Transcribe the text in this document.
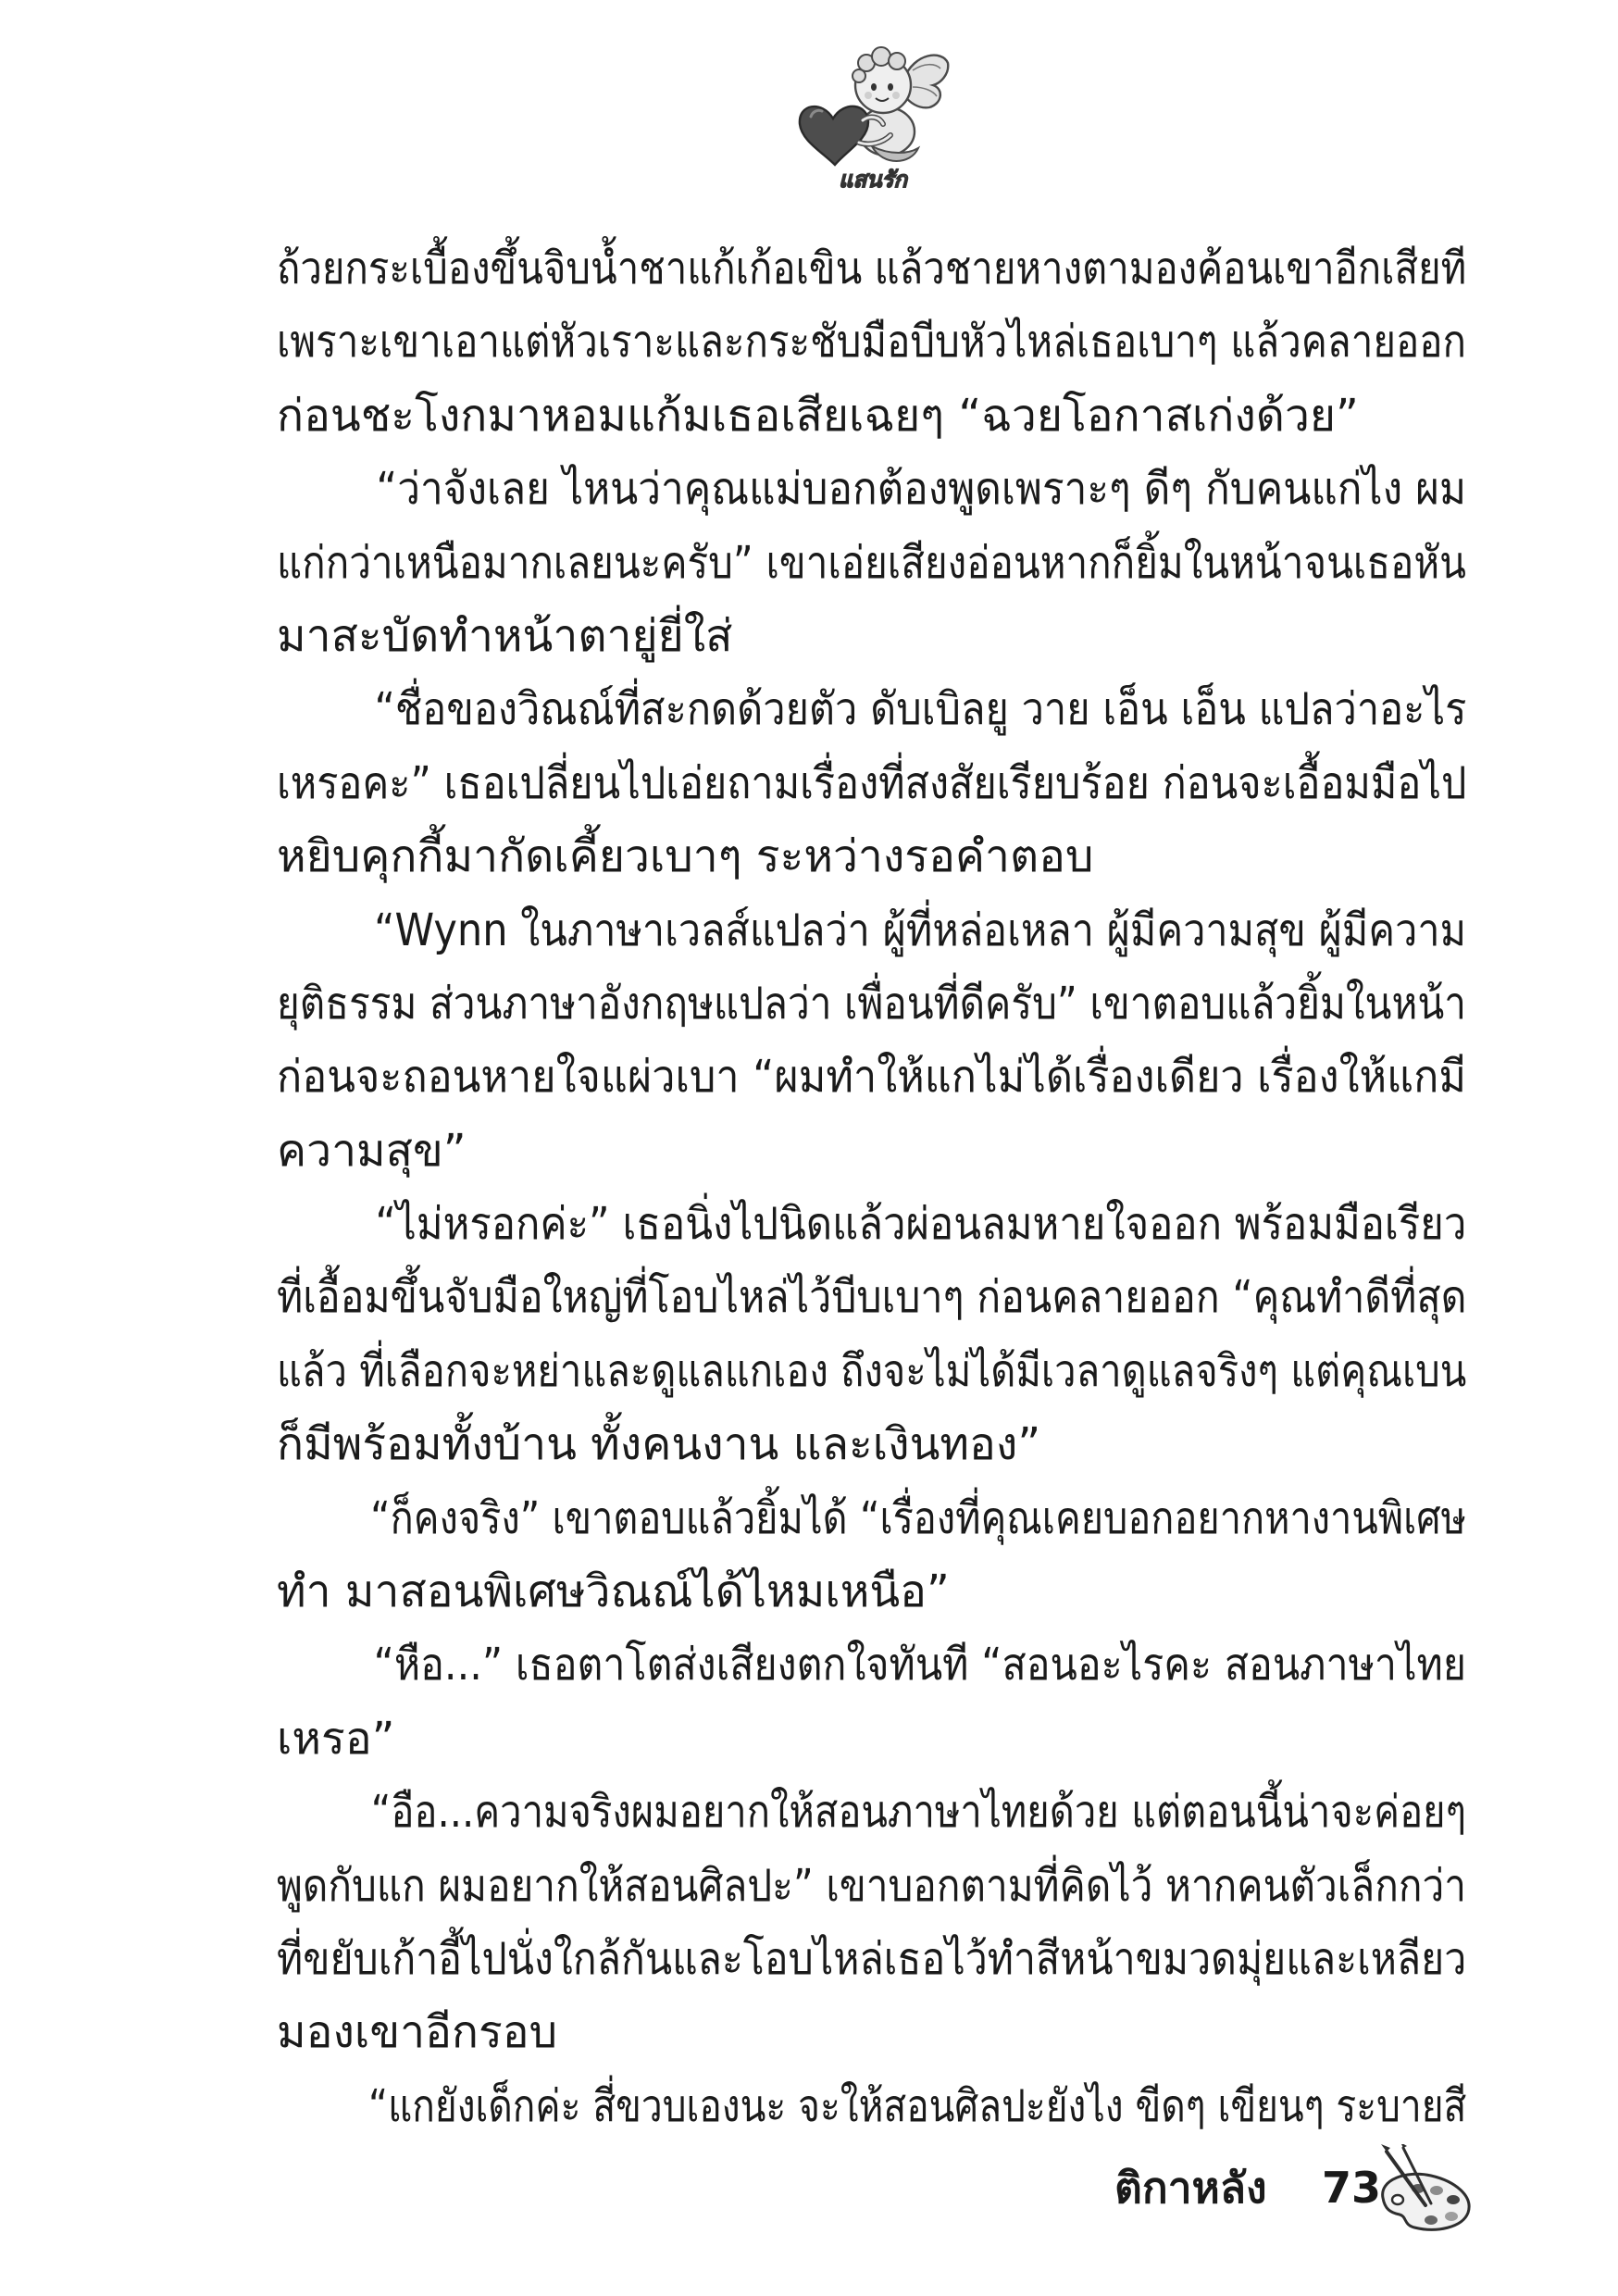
แสนรัก
ถ้วยกระเบื้องขึ้นจิบน้ำชาแก้เก้อเขิน แล้วชายหางตามองค้อนเขาอีกเสียที
เพราะเขาเอาแต่หัวเราะและกระชับมือบีบหัวไหล่เธอเบาๆ แล้วคลายออก
ก่อนชะโงกมาหอมแก้มเธอเสียเฉยๆ “ฉวยโอกาสเก่งด้วย”
“ว่าจังเลย ไหนว่าคุณแม่บอกต้องพูดเพราะๆ ดีๆ กับคนแก่ไง ผม
แก่กว่าเหนือมากเลยนะครับ” เขาเอ่ยเสียงอ่อนหากก็ยิ้มในหน้าจนเธอหัน
มาสะบัดทำหน้าตายู่ยี่ใส่
“ชื่อของวิณณ์ที่สะกดด้วยตัว ดับเบิลยู วาย เอ็น เอ็น แปลว่าอะไร
เหรอคะ” เธอเปลี่ยนไปเอ่ยถามเรื่องที่สงสัยเรียบร้อย ก่อนจะเอื้อมมือไป
หยิบคุกกี้มากัดเคี้ยวเบาๆ ระหว่างรอคำตอบ
“Wynn ในภาษาเวลส์แปลว่า ผู้ที่หล่อเหลา ผู้มีความสุข ผู้มีความ
ยุติธรรม ส่วนภาษาอังกฤษแปลว่า เพื่อนที่ดีครับ” เขาตอบแล้วยิ้มในหน้า
ก่อนจะถอนหายใจแผ่วเบา “ผมทำให้แกไม่ได้เรื่องเดียว เรื่องให้แกมี
ความสุข”
“ไม่หรอกค่ะ” เธอนิ่งไปนิดแล้วผ่อนลมหายใจออก พร้อมมือเรียว
ที่เอื้อมขึ้นจับมือใหญ่ที่โอบไหล่ไว้บีบเบาๆ ก่อนคลายออก “คุณทำดีที่สุด
แล้ว ที่เลือกจะหย่าและดูแลแกเอง ถึงจะไม่ได้มีเวลาดูแลจริงๆ แต่คุณเบน
ก็มีพร้อมทั้งบ้าน ทั้งคนงาน และเงินทอง”
“ก็คงจริง” เขาตอบแล้วยิ้มได้ “เรื่องที่คุณเคยบอกอยากหางานพิเศษ
ทำ มาสอนพิเศษวิณณ์ได้ไหมเหนือ”
“หือ...” เธอตาโตส่งเสียงตกใจทันที “สอนอะไรคะ สอนภาษาไทย
เหรอ”
“อือ...ความจริงผมอยากให้สอนภาษาไทยด้วย แต่ตอนนี้น่าจะค่อยๆ
พูดกับแก ผมอยากให้สอนศิลปะ” เขาบอกตามที่คิดไว้ หากคนตัวเล็กกว่า
ที่ขยับเก้าอี้ไปนั่งใกล้กันและโอบไหล่เธอไว้ทำสีหน้าขมวดมุ่ยและเหลียว
มองเขาอีกรอบ
“แกยังเด็กค่ะ สี่ขวบเองนะ จะให้สอนศิลปะยังไง ขีดๆ เขียนๆ ระบายสี
ติกาหลัง 73
